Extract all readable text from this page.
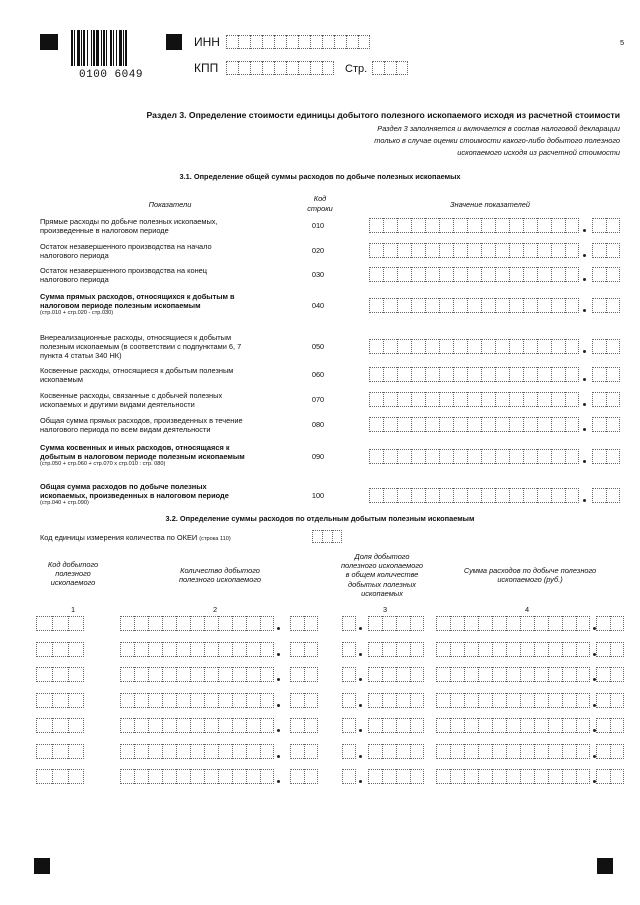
0100 6049
ИНН
КПП	Стр.
5
Раздел 3. Определение стоимости единицы добытого полезного ископаемого исходя из расчетной стоимости
Раздел 3 заполняется и включается в состав налоговой декларации
только в случае оценки стоимости какого-либо добытого полезного
ископаемого исходя из расчетной стоимости
3.1. Определение общей суммы расходов по добыче полезных ископаемых
Показатели
Код
строки	Значение показателей
Прямые расходы по добыче полезных ископаемых,
произведенные в налоговом периоде
010
Остаток незавершенного производства на начало
налогового периода
020
Остаток незавершенного производства на конец
налогового периода
030
Сумма прямых расходов, относящихся к добытым в
налоговом периоде полезным ископаемым
(стр.010 + стр.020 - стр.030)
040
Внереализационные расходы, относящиеся к добытым
полезным ископаемым (в соответствии с подпунктами 6, 7
пункта 4 статьи 340 НК)
050
Косвенные расходы, относящиеся к добытым полезным
ископаемым
060
Косвенные расходы, связанные с добычей полезных
ископаемых и другими видами деятельности
070
Общая сумма прямых расходов, произведенных в течение
налогового периода по всем видам деятельности
080
Сумма косвенных и иных расходов, относящаяся к
добытым в налоговом периоде полезным ископаемым
(стр.050 + стр.060 + стр.070 х стр.010 : стр. 080)
090
Общая сумма расходов по добыче полезных
ископаемых, произведенных в налоговом периоде
(стр.040 + стр.090)
100
3.2. Определение суммы расходов по отдельным добытым полезным ископаемым
Код единицы измерения количества по ОКЕИ (строка 110)
Код добытого
полезного
ископаемого
Количество добытого
полезного ископаемого
Доля добытого
полезного ископаемого
в общем количестве
добытых полезных
ископаемых
Сумма расходов по добыче полезного
ископаемого (руб.)
1	2	3	4
